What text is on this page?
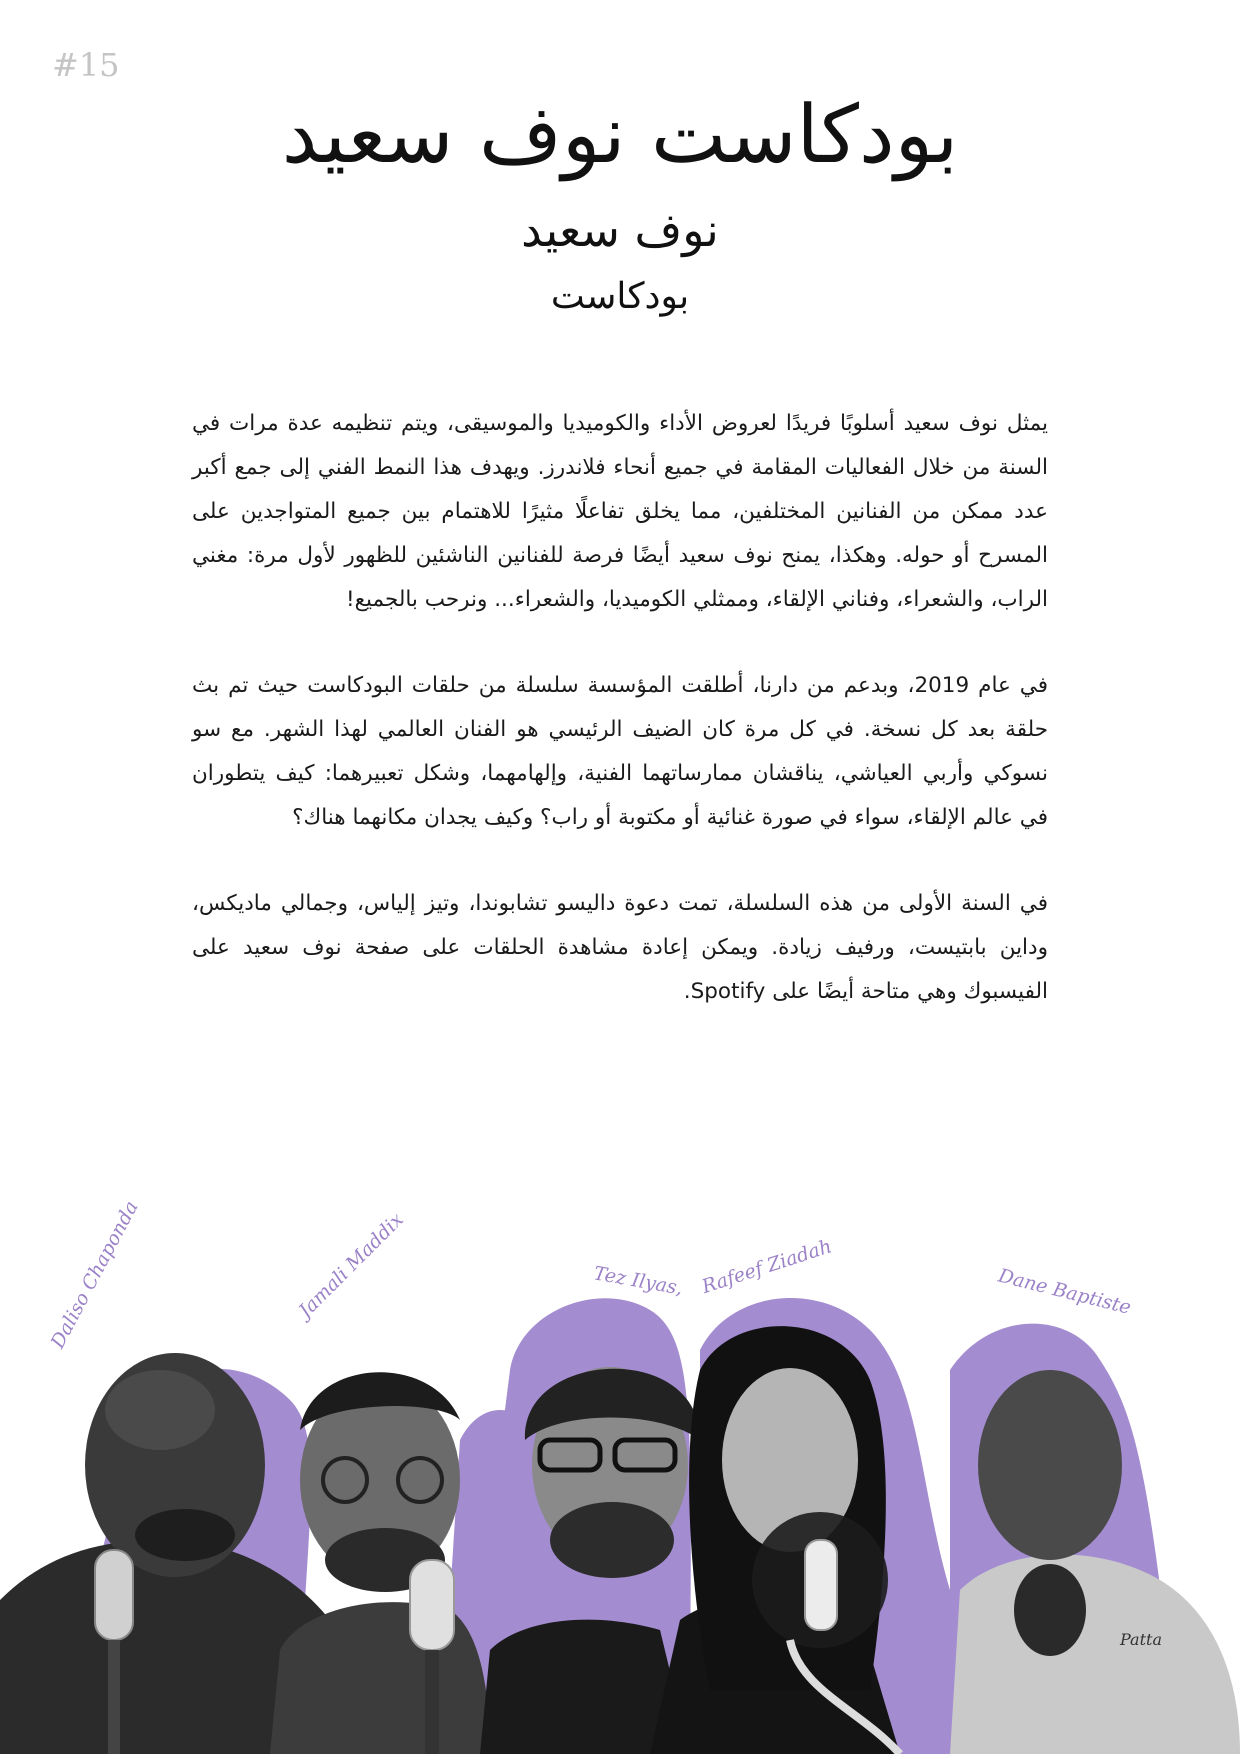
#15
بودكاست نوف سعيد
نوف سعيد
بودكاست

يمثل نوف سعيد أسلوبًا فريدًا لعروض الأداء والكوميديا والموسيقى، ويتم تنظيمه عدة مرات في السنة من خلال الفعاليات المقامة في جميع أنحاء فلاندرز. ويهدف هذا النمط الفني إلى جمع أكبر عدد ممكن من الفنانين المختلفين، مما يخلق تفاعلًا مثيرًا للاهتمام بين جميع المتواجدين على المسرح أو حوله. وهكذا، يمنح نوف سعيد أيضًا فرصة للفنانين الناشئين للظهور لأول مرة: مغني الراب، والشعراء، وفناني الإلقاء، وممثلي الكوميديا، والشعراء... ونرحب بالجميع!

في عام 2019، وبدعم من دارنا، أطلقت المؤسسة سلسلة من حلقات البودكاست حيث تم بث حلقة بعد كل نسخة. في كل مرة كان الضيف الرئيسي هو الفنان العالمي لهذا الشهر. مع سو نسوكي وأربي العياشي، يناقشان ممارساتهما الفنية، وإلهامهما، وشكل تعبيرهما: كيف يتطوران في عالم الإلقاء، سواء في صورة غنائية أو مكتوبة أو راب؟ وكيف يجدان مكانهما هناك؟

في السنة الأولى من هذه السلسلة، تمت دعوة داليسو تشابوندا، وتيز إلياس، وجمالي ماديكس، وداين بابتيست، ورفيف زيادة. ويمكن إعادة مشاهدة الحلقات على صفحة نوف سعيد على الفيسبوك وهي متاحة أيضًا على Spotify.

Patta
Daliso Chaponda	Jamali Maddix	Tez Ilyas, Rafeef Ziadah	Dane Baptiste
